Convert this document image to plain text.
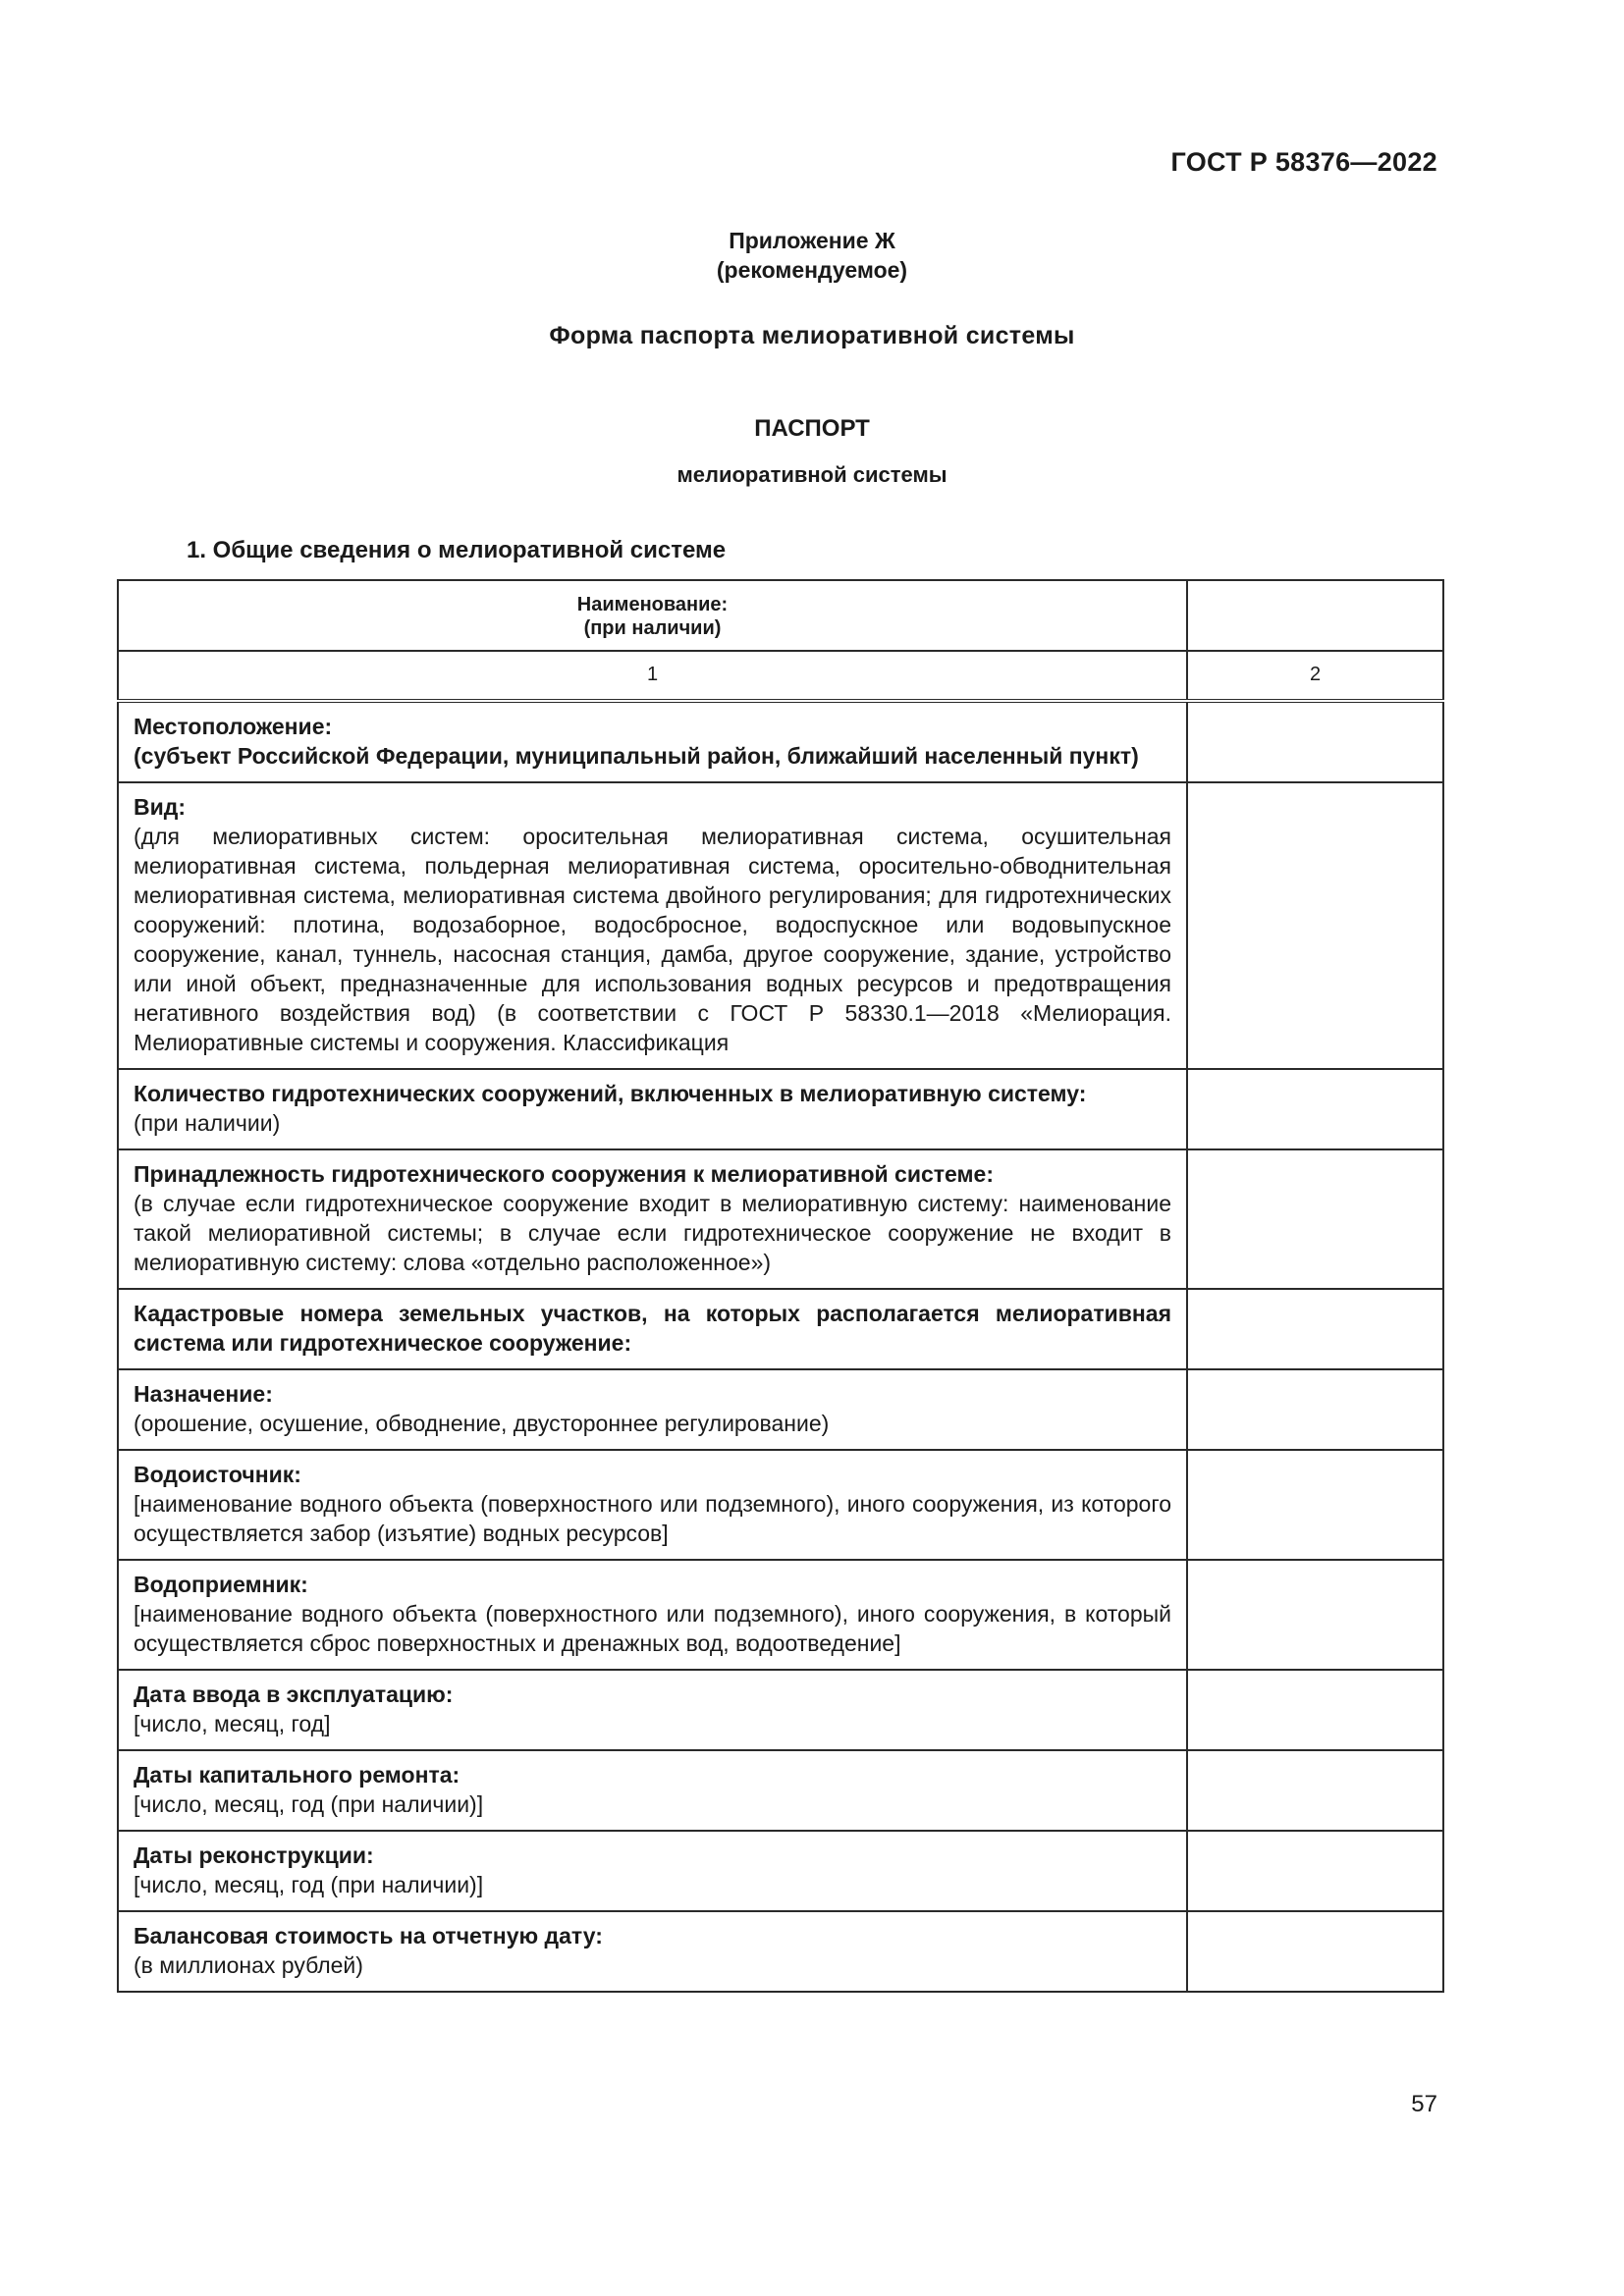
ГОСТ Р 58376—2022
Приложение Ж
(рекомендуемое)
Форма паспорта мелиоративной системы
ПАСПОРТ
мелиоративной системы
1. Общие сведения о мелиоративной системе
Наименование:
(при наличии)	
1	2

Местоположение:
(субъект Российской Федерации, муниципальный район, ближайший населенный пункт)	

Вид:
(для мелиоративных систем: оросительная мелиоративная система, осушительная мелиоративная система, польдерная мелиоративная система, оросительно-обводнительная мелиоративная система, мелиоративная система двойного регулирования; для гидротехнических сооружений: плотина, водозаборное, водосбросное, водоспускное или водовыпускное сооружение, канал, туннель, насосная станция, дамба, другое сооружение, здание, устройство или иной объект, предназначенные для использования водных ресурсов и предотвращения негативного воздействия вод) (в соответствии с ГОСТ Р 58330.1—2018 «Мелиорация. Мелиоративные системы и сооружения. Классификация	

Количество гидротехнических сооружений, включенных в мелиоративную систему:
(при наличии)	

Принадлежность гидротехнического сооружения к мелиоративной системе:
(в случае если гидротехническое сооружение входит в мелиоративную систему: наименование такой мелиоративной системы; в случае если гидротехническое сооружение не входит в мелиоративную систему: слова «отдельно расположенное»)	

Кадастровые номера земельных участков, на которых располагается мелиоративная система или гидротехническое сооружение:	

Назначение:
(орошение, осушение, обводнение, двустороннее регулирование)	

Водоисточник:
[наименование водного объекта (поверхностного или подземного), иного сооружения, из которого осуществляется забор (изъятие) водных ресурсов]	

Водоприемник:
[наименование водного объекта (поверхностного или подземного), иного сооружения, в который осуществляется сброс поверхностных и дренажных вод, водоотведение]	

Дата ввода в эксплуатацию:
[число, месяц, год]	

Даты капитального ремонта:
[число, месяц, год (при наличии)]	

Даты реконструкции:
[число, месяц, год (при наличии)]	

Балансовая стоимость на отчетную дату:
(в миллионах рублей)	

57
